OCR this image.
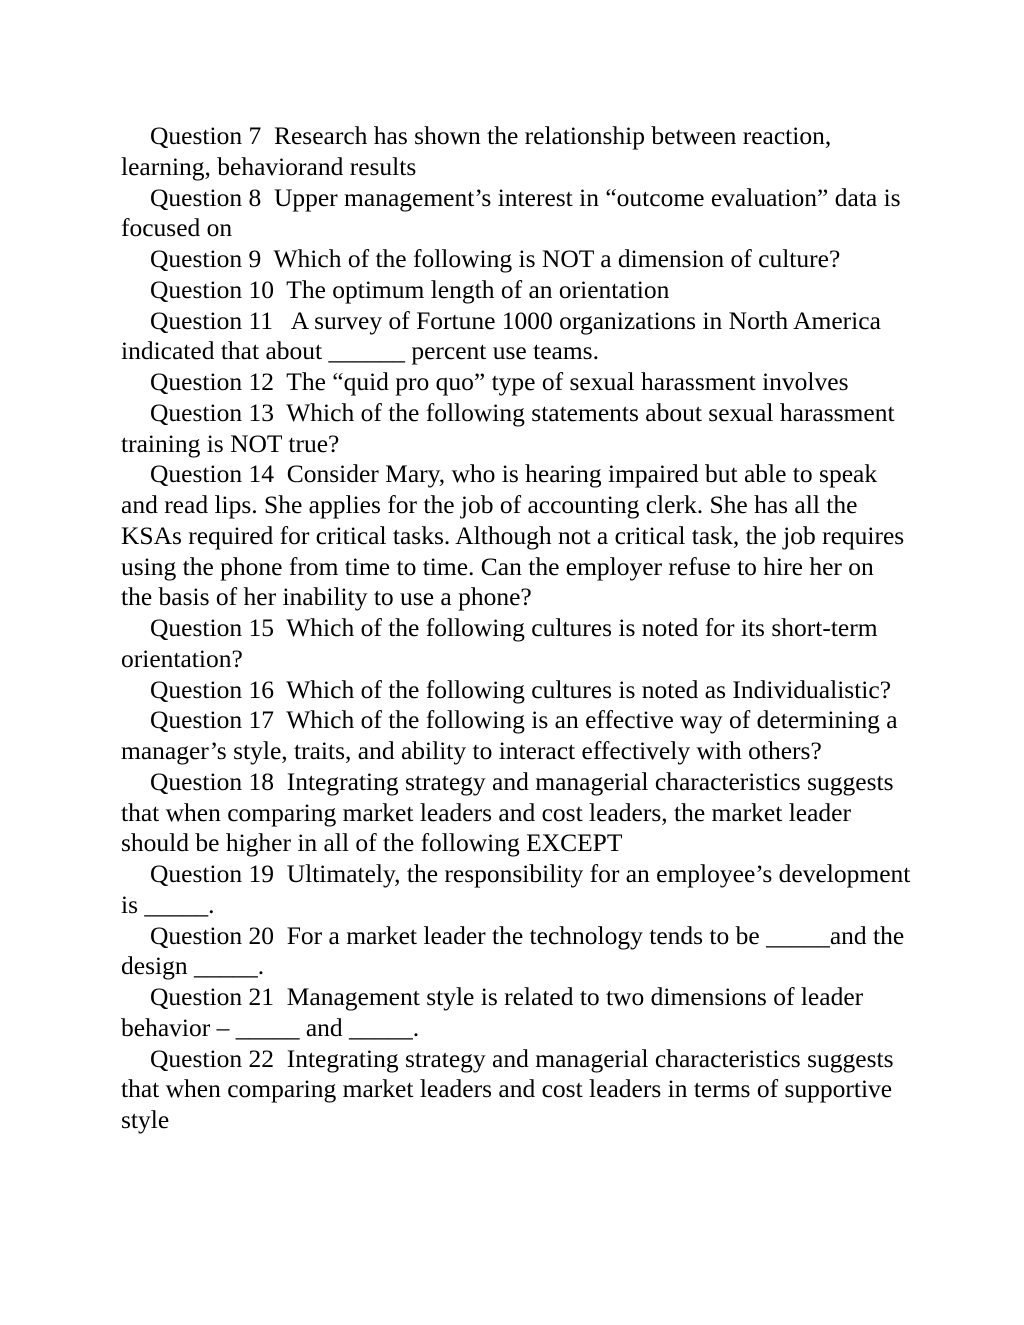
Question 7  Research has shown the relationship between reaction, learning, behaviorand results

Question 8  Upper management’s interest in “outcome evaluation” data is focused on

Question 9  Which of the following is NOT a dimension of culture?

Question 10  The optimum length of an orientation

Question 11   A survey of Fortune 1000 organizations in North America indicated that about ______ percent use teams.

Question 12  The “quid pro quo” type of sexual harassment involves

Question 13  Which of the following statements about sexual harassment training is NOT true?

Question 14  Consider Mary, who is hearing impaired but able to speak and read lips. She applies for the job of accounting clerk. She has all the KSAs required for critical tasks. Although not a critical task, the job requires using the phone from time to time. Can the employer refuse to hire her on the basis of her inability to use a phone?

Question 15  Which of the following cultures is noted for its short-term orientation?

Question 16  Which of the following cultures is noted as Individualistic?

Question 17  Which of the following is an effective way of determining a manager’s style, traits, and ability to interact effectively with others?

Question 18  Integrating strategy and managerial characteristics suggests that when comparing market leaders and cost leaders, the market leader should be higher in all of the following EXCEPT

Question 19  Ultimately, the responsibility for an employee’s development is _____.

Question 20  For a market leader the technology tends to be _____and the design _____.

Question 21  Management style is related to two dimensions of leader behavior – _____ and _____.

Question 22  Integrating strategy and managerial characteristics suggests that when comparing market leaders and cost leaders in terms of supportive style
